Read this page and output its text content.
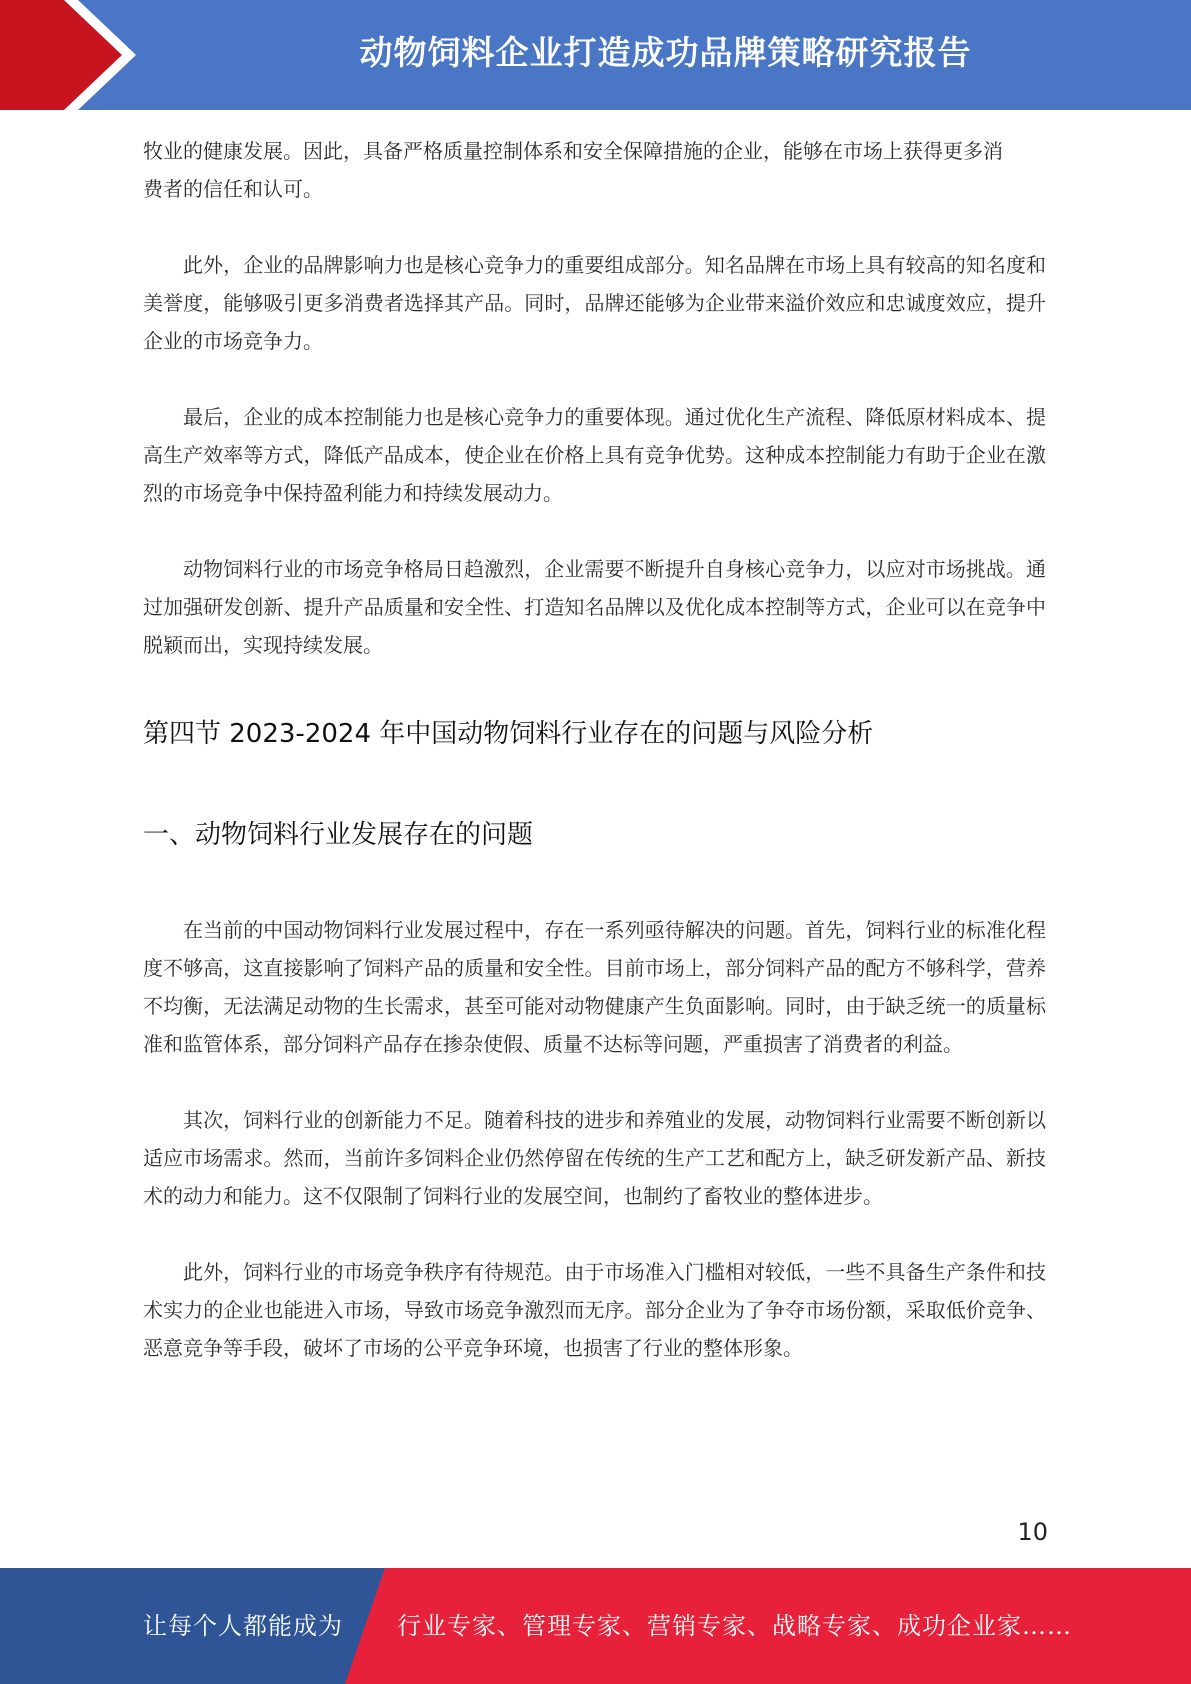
动物饲料企业打造成功品牌策略研究报告

牧业的健康发展。因此，具备严格质量控制体系和安全保障措施的企业，能够在市场上获得更多消
费者的信任和认可。

此外，企业的品牌影响力也是核心竞争力的重要组成部分。知名品牌在市场上具有较高的知名度和美誉度，能够吸引更多消费者选择其产品。同时，品牌还能够为企业带来溢价效应和忠诚度效应，提升企业的市场竞争力。

最后，企业的成本控制能力也是核心竞争力的重要体现。通过优化生产流程、降低原材料成本、提高生产效率等方式，降低产品成本，使企业在价格上具有竞争优势。这种成本控制能力有助于企业在激烈的市场竞争中保持盈利能力和持续发展动力。

动物饲料行业的市场竞争格局日趋激烈，企业需要不断提升自身核心竞争力，以应对市场挑战。通过加强研发创新、提升产品质量和安全性、打造知名品牌以及优化成本控制等方式，企业可以在竞争中脱颖而出，实现持续发展。

第四节 2023-2024 年中国动物饲料行业存在的问题与风险分析
一、动物饲料行业发展存在的问题

在当前的中国动物饲料行业发展过程中，存在一系列亟待解决的问题。首先，饲料行业的标准化程度不够高，这直接影响了饲料产品的质量和安全性。目前市场上，部分饲料产品的配方不够科学，营养不均衡，无法满足动物的生长需求，甚至可能对动物健康产生负面影响。同时，由于缺乏统一的质量标准和监管体系，部分饲料产品存在掺杂使假、质量不达标等问题，严重损害了消费者的利益。

其次，饲料行业的创新能力不足。随着科技的进步和养殖业的发展，动物饲料行业需要不断创新以适应市场需求。然而，当前许多饲料企业仍然停留在传统的生产工艺和配方上，缺乏研发新产品、新技术的动力和能力。这不仅限制了饲料行业的发展空间，也制约了畜牧业的整体进步。

此外，饲料行业的市场竞争秩序有待规范。由于市场准入门槛相对较低，一些不具备生产条件和技术实力的企业也能进入市场，导致市场竞争激烈而无序。部分企业为了争夺市场份额，采取低价竞争、恶意竞争等手段，破坏了市场的公平竞争环境，也损害了行业的整体形象。

10
让每个人都能成为 行业专家、管理专家、营销专家、战略专家、成功企业家……
